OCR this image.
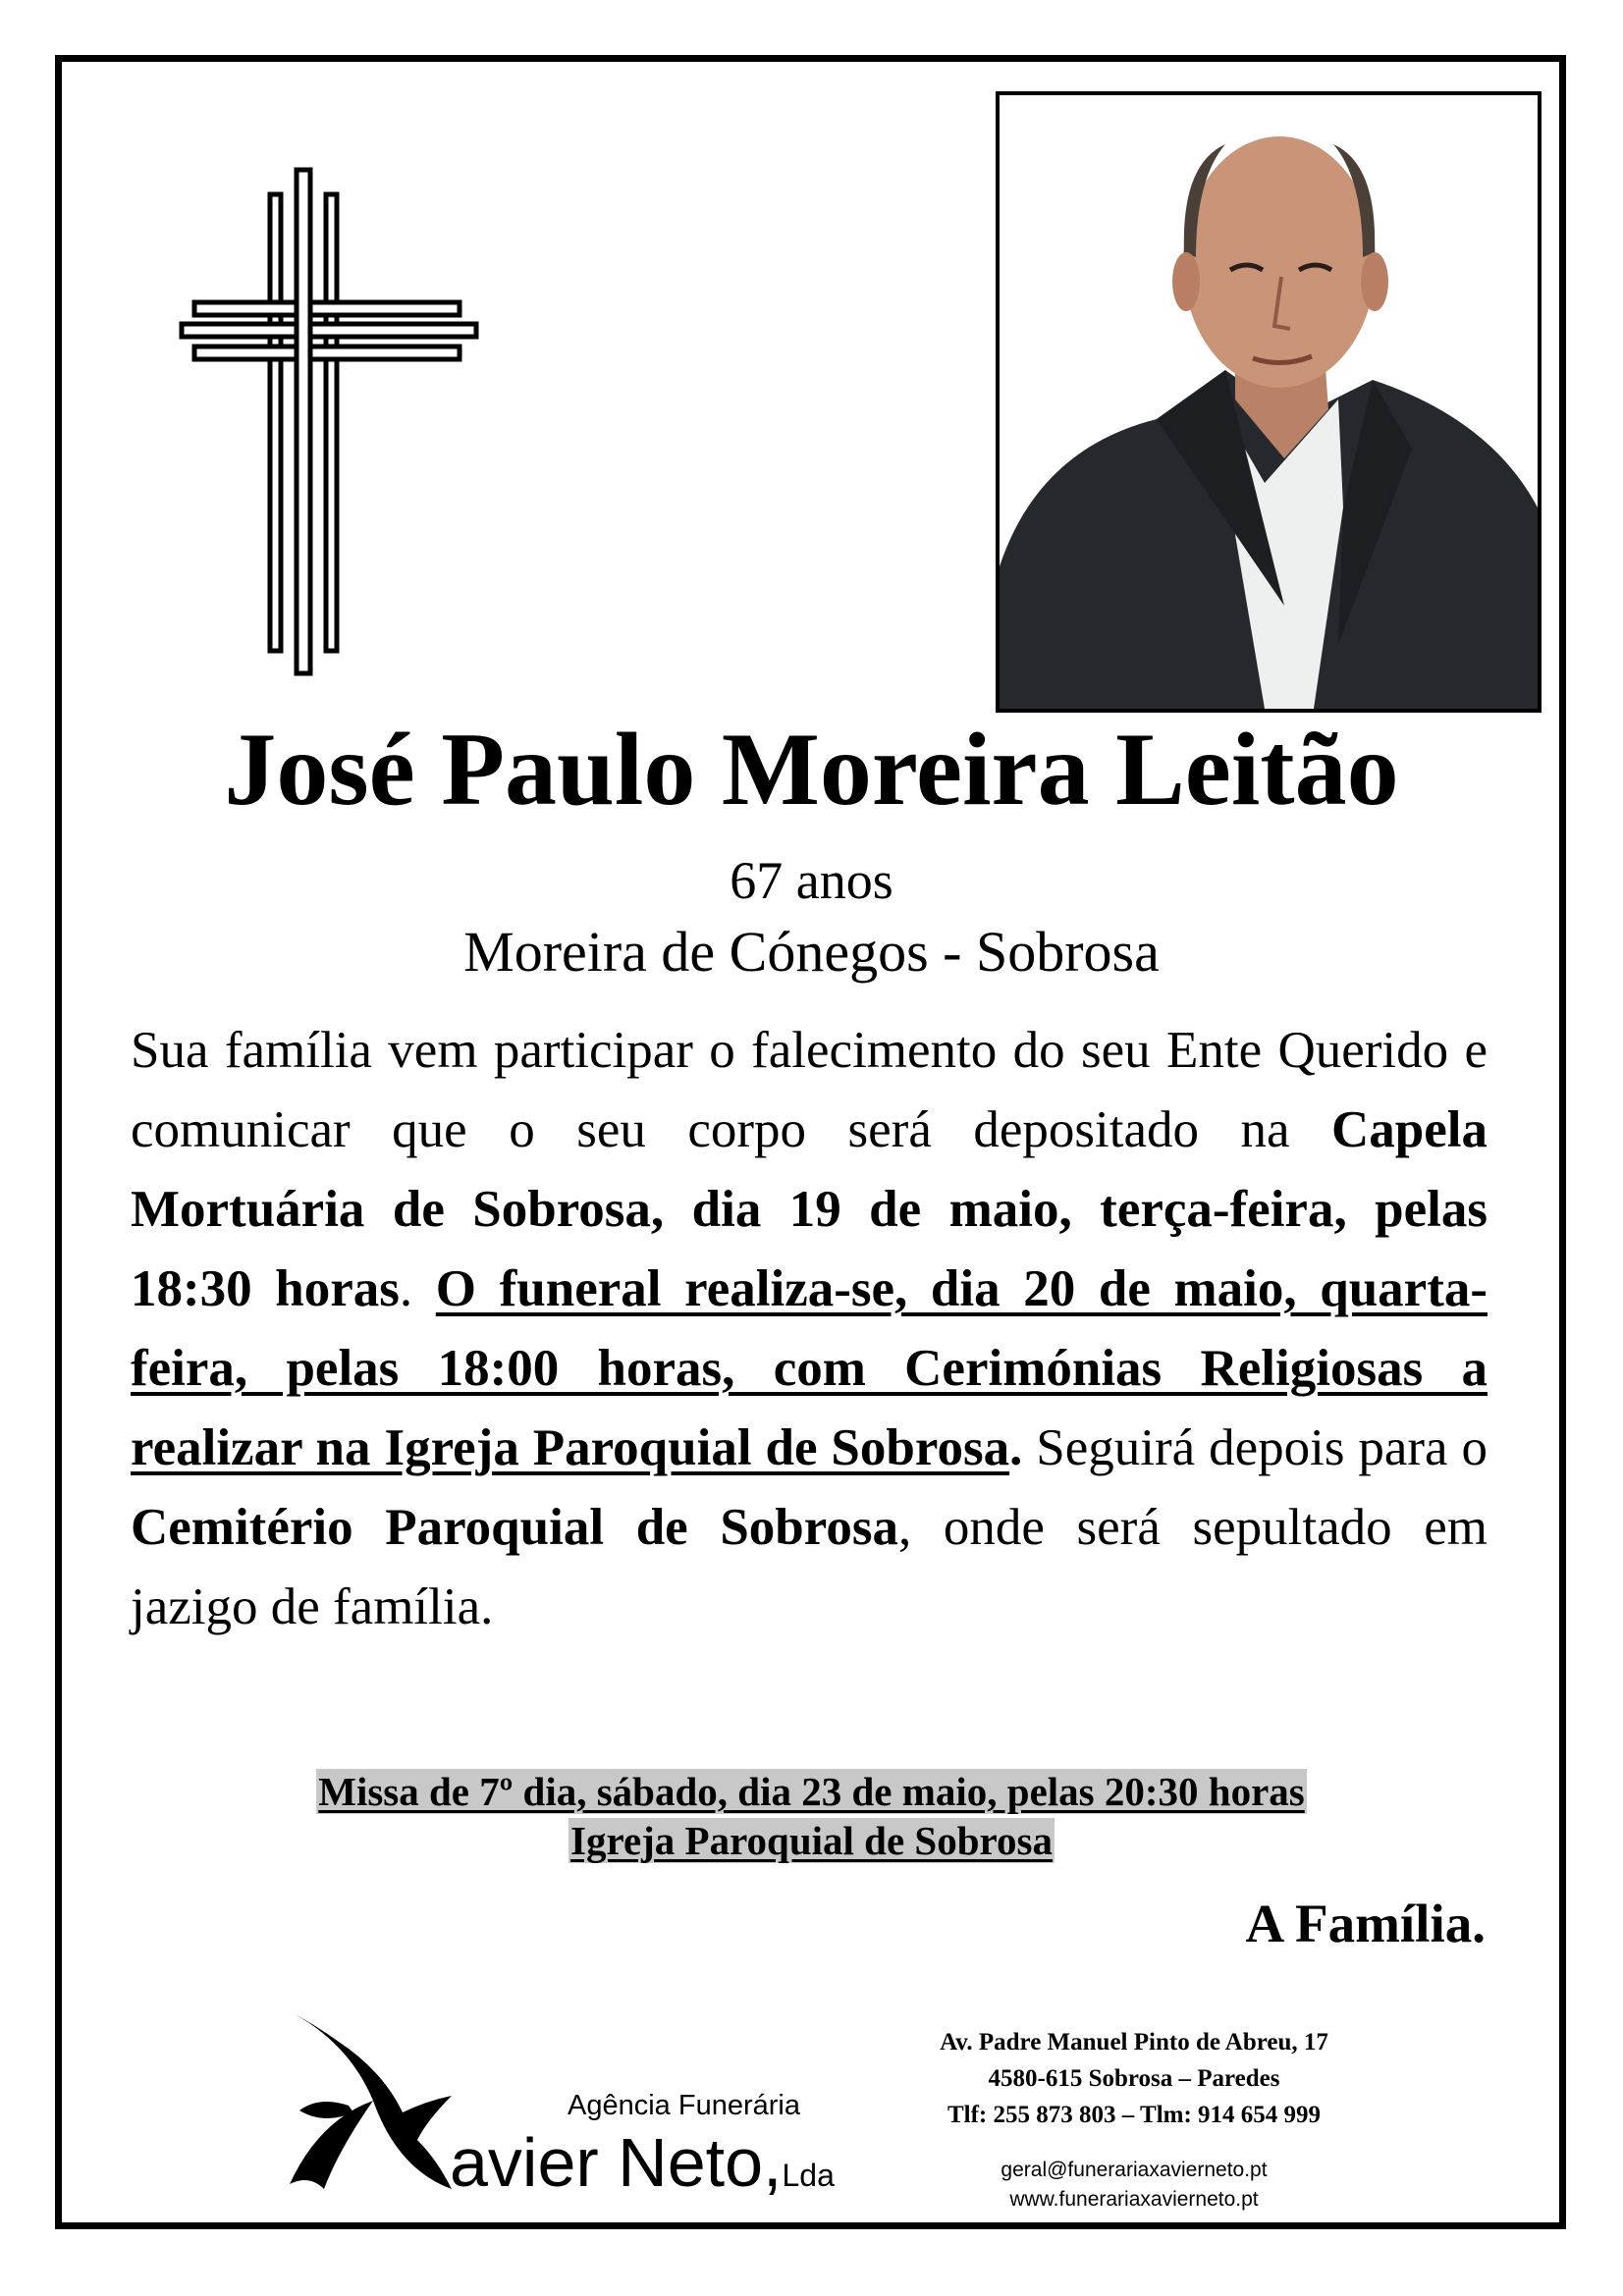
José Paulo Moreira Leitão
67 anos
Moreira de Cónegos - Sobrosa
Sua família vem participar o falecimento do seu Ente Querido e comunicar que o seu corpo será depositado na Capela Mortuária de Sobrosa, dia 19 de maio, terça-feira, pelas 18:30 horas. O funeral realiza-se, dia 20 de maio, quarta-feira, pelas 18:00 horas, com Cerimónias Religiosas a realizar na Igreja Paroquial de Sobrosa. Seguirá depois para o Cemitério Paroquial de Sobrosa, onde será sepultado em jazigo de família.
Missa de 7º dia, sábado, dia 23 de maio, pelas 20:30 horas
Igreja Paroquial de Sobrosa
A Família.
Agência Funerária
avier Neto,Lda
Av. Padre Manuel Pinto de Abreu, 17
4580-615 Sobrosa – Paredes
Tlf: 255 873 803 – Tlm: 914 654 999
geral@funerariaxavierneto.pt
www.funerariaxavierneto.pt
